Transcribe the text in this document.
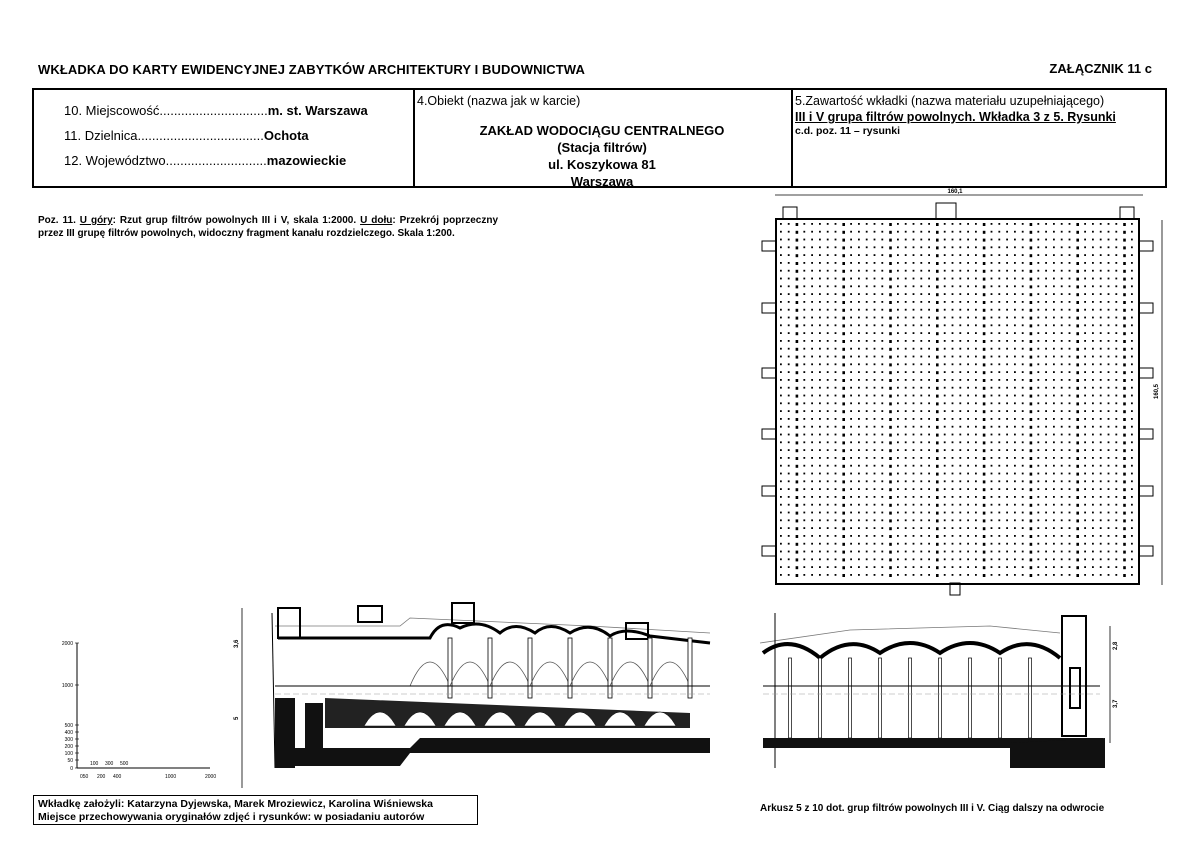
WKŁADKA DO KARTY EWIDENCYJNEJ ZABYTKÓW ARCHITEKTURY I BUDOWNICTWA	ZAŁĄCZNIK 11 c
10. Miejscowość..............................m. st. Warszawa
11. Dzielnica...................................Ochota
12. Województwo............................mazowieckie
4.Obiekt (nazwa jak w karcie)
ZAKŁAD WODOCIĄGU CENTRALNEGO
(Stacja filtrów)
ul. Koszykowa 81
Warszawa
5.Zawartość wkładki (nazwa materiału uzupełniającego)
III i V grupa filtrów powolnych. Wkładka 3 z 5. Rysunki
c.d. poz. 11 – rysunki
Poz. 11. U góry: Rzut grup filtrów powolnych III i V, skala 1:2000. U dołu: Przekrój poprzeczny przez III grupę filtrów powolnych, widoczny fragment kanału rozdzielczego. Skala 1:200.
160,1
160,5
3,6
5
2,8
3,7
2000
1000
500
400
300
200
100
50
0
100 300 500
050 200 400	1000	2000
Wkładkę założyli: Katarzyna Dyjewska, Marek Mroziewicz, Karolina Wiśniewska
Miejsce przechowywania oryginałów zdjęć i rysunków: w posiadaniu autorów
Arkusz 5 z 10 dot. grup filtrów powolnych III i V. Ciąg dalszy na odwrocie
